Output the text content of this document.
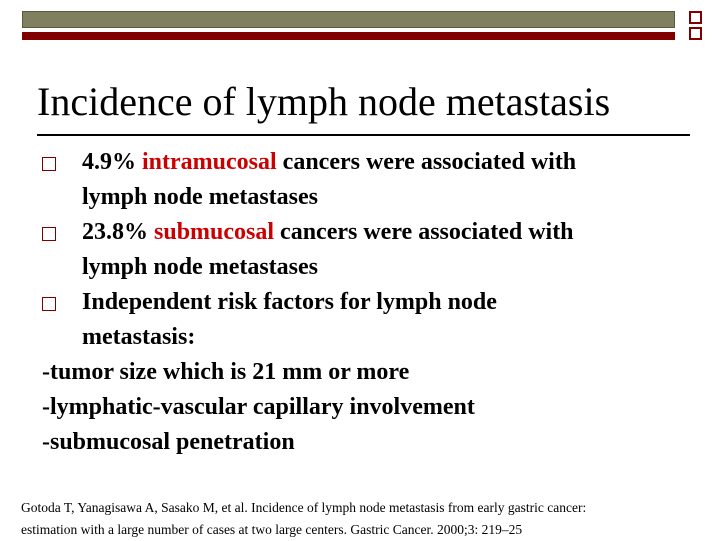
Incidence of lymph node metastasis
4.9% intramucosal cancers were associated with
lymph node metastases
23.8% submucosal cancers were associated with
lymph node metastases
Independent risk factors for lymph node
metastasis:
-tumor size which is 21 mm or more
-lymphatic-vascular capillary involvement
-submucosal penetration
Gotoda T, Yanagisawa A, Sasako M, et al. Incidence of lymph node metastasis from early gastric cancer:
estimation with a large number of cases at two large centers. Gastric Cancer. 2000;3: 219–25
